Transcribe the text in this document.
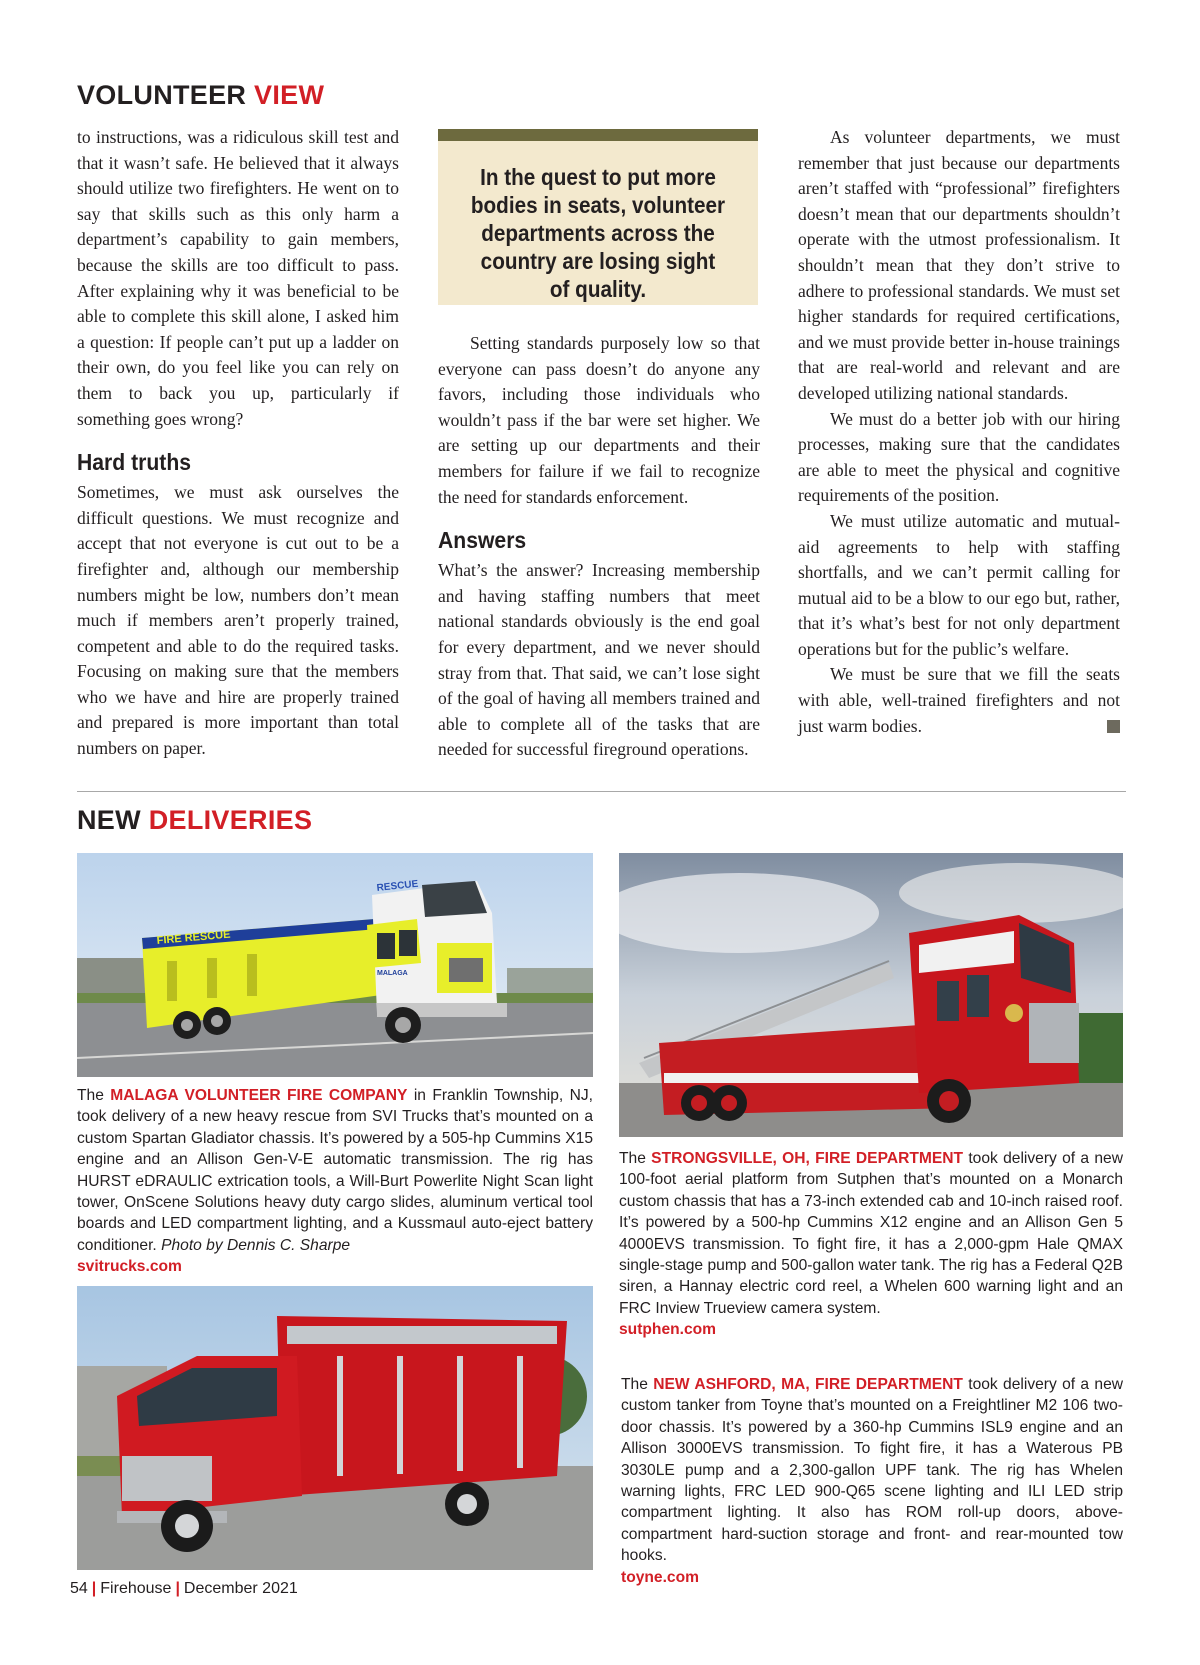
VOLUNTEER VIEW

to instructions, was a ridiculous skill test and that it wasn’t safe. He believed that it always should utilize two firefighters. He went on to say that skills such as this only harm a department’s capability to gain members, because the skills are too difficult to pass. After explaining why it was beneficial to be able to complete this skill alone, I asked him a question: If people can’t put up a ladder on their own, do you feel like you can rely on them to back you up, particularly if something goes wrong?

Hard truths

Sometimes, we must ask ourselves the difficult questions. We must recognize and accept that not everyone is cut out to be a firefighter and, although our membership numbers might be low, numbers don’t mean much if members aren’t properly trained, competent and able to do the required tasks. Focusing on making sure that the members who we have and hire are properly trained and prepared is more important than total numbers on paper.

In the quest to put more bodies in seats, volunteer departments across the country are losing sight of quality.

Setting standards purposely low so that everyone can pass doesn’t do anyone any favors, including those individuals who wouldn’t pass if the bar were set higher. We are setting up our departments and their members for failure if we fail to recognize the need for standards enforcement.

Answers

What’s the answer? Increasing membership and having staffing numbers that meet national standards obviously is the end goal for every department, and we never should stray from that. That said, we can’t lose sight of the goal of having all members trained and able to complete all of the tasks that are needed for successful fireground operations.

As volunteer departments, we must remember that just because our departments aren’t staffed with “professional” firefighters doesn’t mean that our departments shouldn’t operate with the utmost professionalism. It shouldn’t mean that they don’t strive to adhere to professional standards. We must set higher standards for required certifications, and we must provide better in-house trainings that are real-world and relevant and are developed utilizing national standards.

We must do a better job with our hiring processes, making sure that the candidates are able to meet the physical and cognitive requirements of the position.

We must utilize automatic and mutual-aid agreements to help with staffing shortfalls, and we can’t permit calling for mutual aid to be a blow to our ego but, rather, that it’s what’s best for not only department operations but for the public’s welfare.

We must be sure that we fill the seats with able, well-trained firefighters and not just warm bodies.

NEW DELIVERIES
RESCUE
FIRE RESCUE
MALAGA
The MALAGA VOLUNTEER FIRE COMPANY in Franklin Township, NJ, took delivery of a new heavy rescue from SVI Trucks that’s mounted on a custom Spartan Gladiator chassis. It’s powered by a 505-hp Cummins X15 engine and an Allison Gen-V-E automatic transmission. The rig has HURST eDRAULIC extrication tools, a Will-Burt Powerlite Night Scan light tower, OnScene Solutions heavy duty cargo slides, aluminum vertical tool boards and LED compartment lighting, and a Kussmaul auto-eject battery conditioner. Photo by Dennis C. Sharpe
svitrucks.com
The STRONGSVILLE, OH, FIRE DEPARTMENT took delivery of a new 100-foot aerial platform from Sutphen that’s mounted on a Monarch custom chassis that has a 73-inch extended cab and 10-inch raised roof. It’s powered by a 500-hp Cummins X12 engine and an Allison Gen 5 4000EVS transmission. To fight fire, it has a 2,000-gpm Hale QMAX single-stage pump and 500-gallon water tank. The rig has a Federal Q2B siren, a Hannay electric cord reel, a Whelen 600 warning light and an FRC Inview Trueview camera system.
sutphen.com
The NEW ASHFORD, MA, FIRE DEPARTMENT took delivery of a new custom tanker from Toyne that’s mounted on a Freightliner M2 106 two-door chassis. It’s powered by a 360-hp Cummins ISL9 engine and an Allison 3000EVS transmission. To fight fire, it has a Waterous PB 3030LE pump and a 2,300-gallon UPF tank. The rig has Whelen warning lights, FRC LED 900-Q65 scene lighting and ILI LED strip compartment lighting. It also has ROM roll-up doors, above-compartment hard-suction storage and front- and rear-mounted tow hooks.
toyne.com
54 | Firehouse | December 2021
